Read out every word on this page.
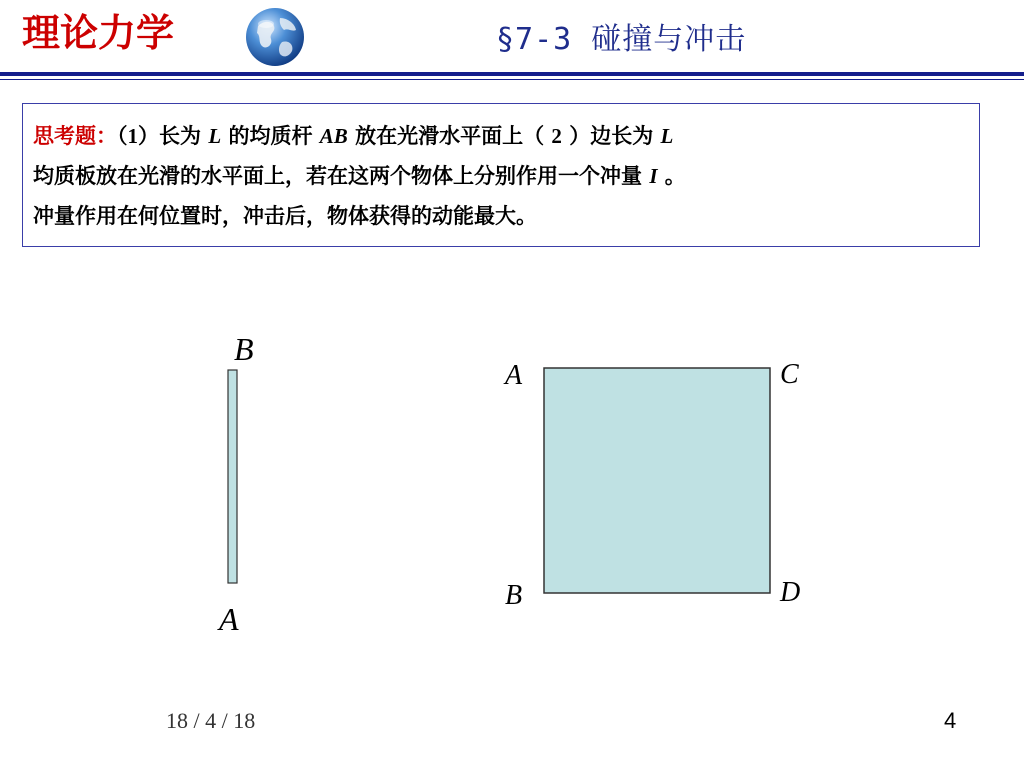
理论力学	§7-3 碰撞与冲击
思考题：（1）长为 L 的均质杆 AB 放在光滑水平面上（ 2 ）边长为 L
均质板放在光滑的水平面上，若在这两个物体上分别作用一个冲量 I 。
冲量作用在何位置时，冲击后，物体获得的动能最大。
B
A
A	C
B	D
18 / 4 / 18	4
